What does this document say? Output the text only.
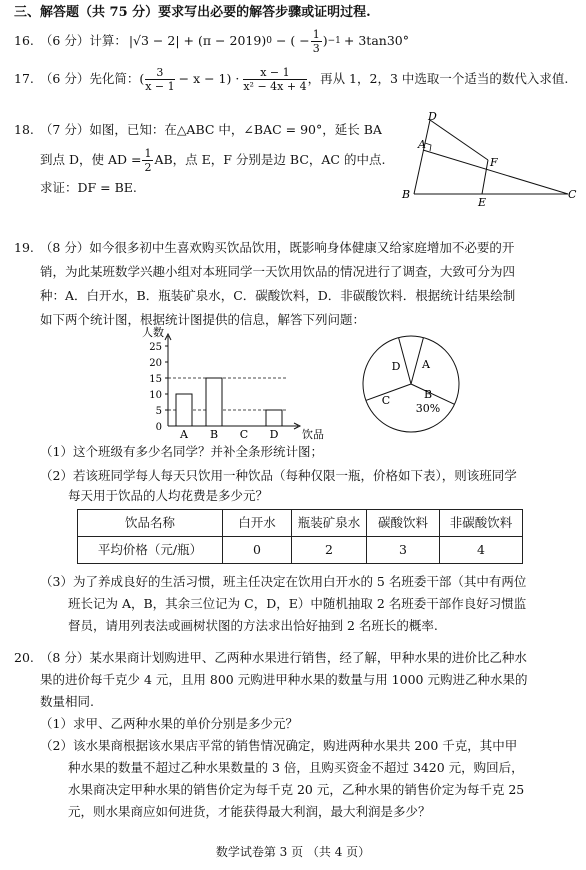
三、解答题（共 75 分）要求写出必要的解答步骤或证明过程.
16. （6 分）计算： |√3 − 2| + (π − 2019) 0 − ( − $\frac{1}{3}$ ) −1 + 3tan30°
17. （6 分）先化简：( $\frac{3}{x - 1} - x - 1) \cdot \frac{x - 1}{\text{x² − 4x + 4}}$ ，再从 1，2，3 中选取一个适当的数代入求值.
18. （7 分）如图，已知：在△ABC 中，∠BAC = 90°，延长 BA
到点 D，使 AD = $\frac{1}{2}$ AB，点 E，F 分别是边 BC，AC 的中点.
求证：DF = BE.
D
A
F
B
E
C
19. （8 分）如今很多初中生喜欢购买饮品饮用，既影响身体健康又给家庭增加不必要的开
销，为此某班数学兴趣小组对本班同学一天饮用饮品的情况进行了调查，大致可分为四
种：A．白开水，B．瓶装矿泉水，C．碳酸饮料，D．非碳酸饮料．根据统计结果绘制
如下两个统计图，根据统计图提供的信息，解答下列问题：
人数
饮品
0
5
10
15
20
25
A B C D
A
B
C
D
30%
（1）这个班级有多少名同学？并补全条形统计图；
（2）若该班同学每人每天只饮用一种饮品（每种仅限一瓶，价格如下表），则该班同学
每天用于饮品的人均花费是多少元？
饮品名称	白开水	瓶装矿泉水	碳酸饮料	非碳酸饮料
平均价格（元/瓶）	0	2	3	4
（3）为了养成良好的生活习惯，班主任决定在饮用白开水的 5 名班委干部（其中有两位
班长记为 A，B，其余三位记为 C，D，E）中随机抽取 2 名班委干部作良好习惯监
督员，请用列表法或画树状图的方法求出恰好抽到 2 名班长的概率.
20. （8 分）某水果商计划购进甲、乙两种水果进行销售，经了解，甲种水果的进价比乙种水
果的进价每千克少 4 元，且用 800 元购进甲种水果的数量与用 1000 元购进乙种水果的
数量相同.
（1）求甲、乙两种水果的单价分别是多少元？
（2）该水果商根据该水果店平常的销售情况确定，购进两种水果共 200 千克，其中甲
种水果的数量不超过乙种水果数量的 3 倍，且购买资金不超过 3420 元，购回后，
水果商决定甲种水果的销售价定为每千克 20 元，乙种水果的销售价定为每千克 25
元，则水果商应如何进货，才能获得最大利润，最大利润是多少？
数学试卷第 3 页 （共 4 页）
